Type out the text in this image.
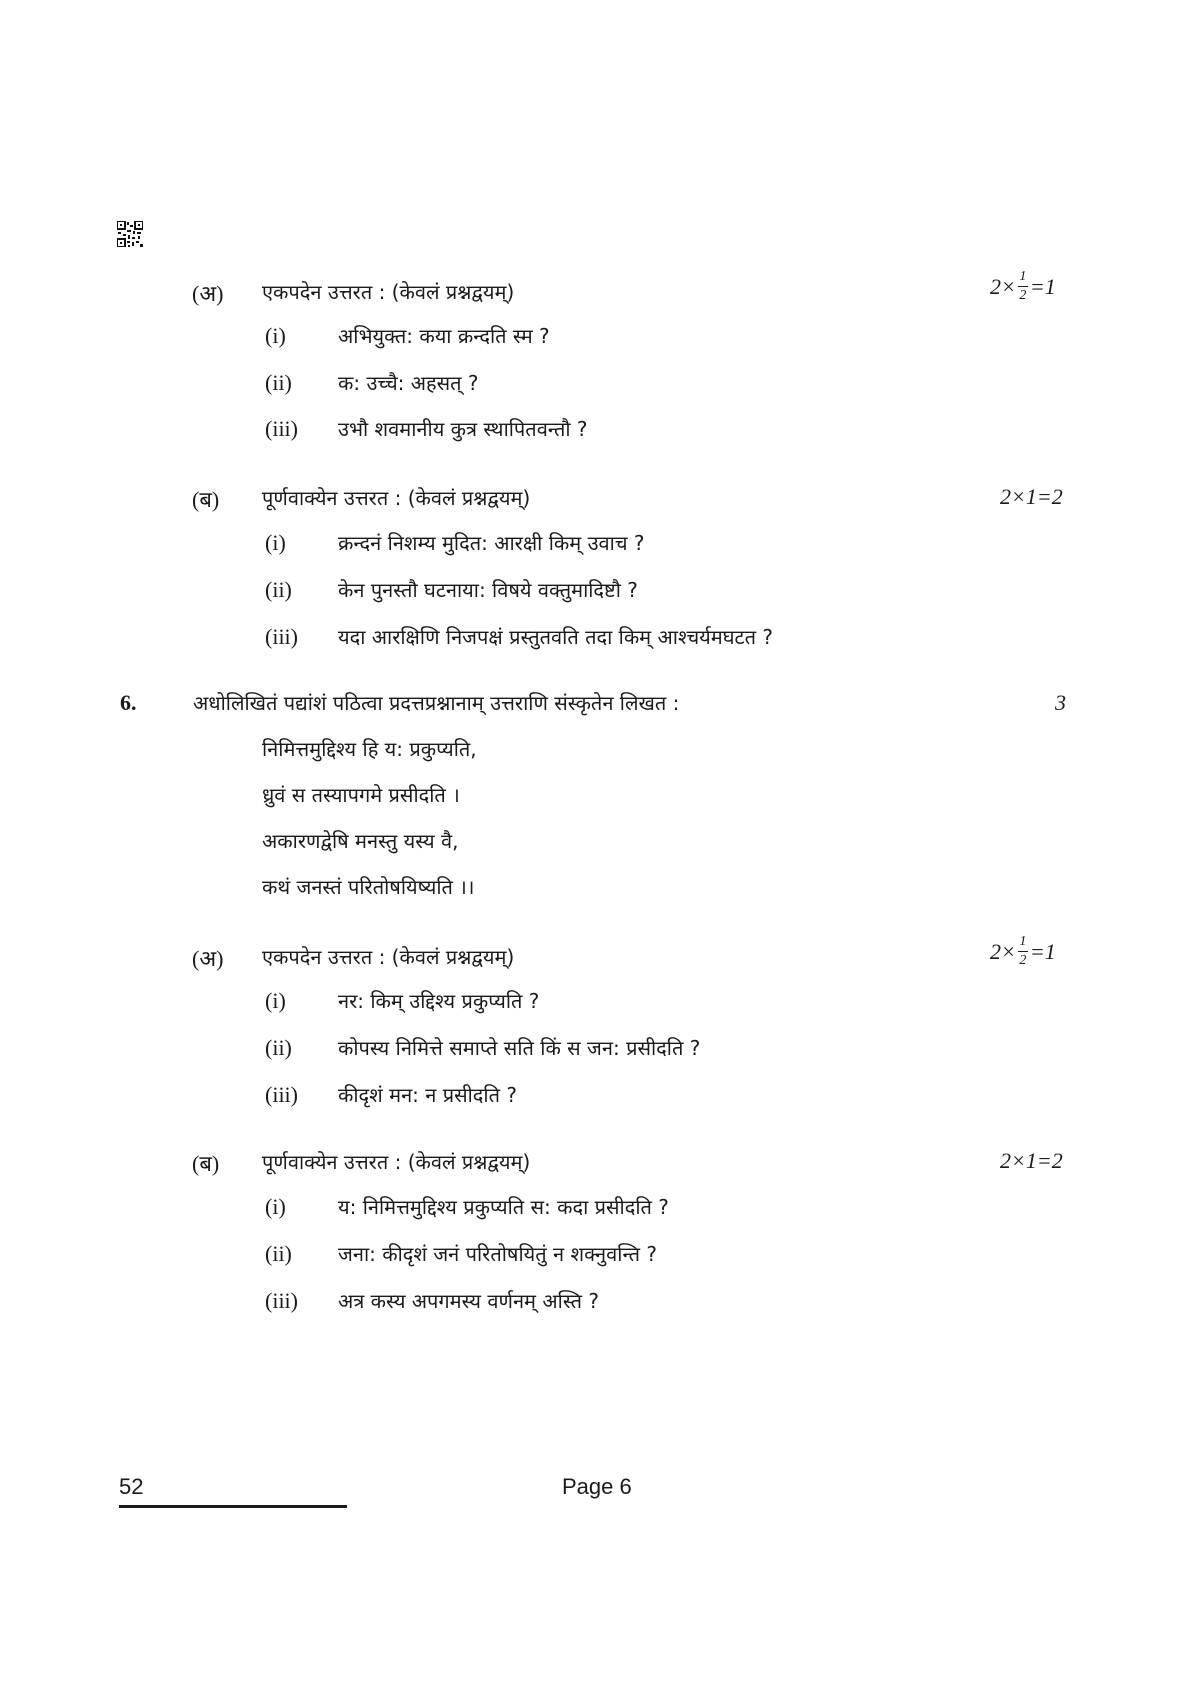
(अ) एकपदेन उत्तरत : (केवलं प्रश्नद्वयम्)	$2\times \frac{1}{2} =1$
(i)	अभियुक्त: कया क्रन्दति स्म ?
(ii) क: उच्चै: अहसत् ?
(iii) उभौ शवमानीय कुत्र स्थापितवन्तौ ?
(ब) पूर्णवाक्येन उत्तरत : (केवलं प्रश्नद्वयम्)	2×1=2
(i)	क्रन्दनं निशम्य मुदित: आरक्षी किम् उवाच ?
(ii) केन पुनस्तौ घटनाया: विषये वक्तुमादिष्टौ ?
(iii) यदा आरक्षिणि निजपक्षं प्रस्तुतवति तदा किम् आश्चर्यमघटत ?
6.	अधोलिखितं पद्यांशं पठित्वा प्रदत्तप्रश्नानाम् उत्तराणि संस्कृतेन लिखत :	3
निमित्तमुद्दिश्य हि य: प्रकुप्यति,
ध्रुवं स तस्यापगमे प्रसीदति ।
अकारणद्वेषि मनस्तु यस्य वै,
कथं जनस्तं परितोषयिष्यति ।।
(अ) एकपदेन उत्तरत : (केवलं प्रश्नद्वयम्)	$2\times \frac{1}{2} =1$
(i)	नर: किम् उद्दिश्य प्रकुप्यति ?
(ii) कोपस्य निमित्ते समाप्ते सति किं स जन: प्रसीदति ?
(iii) कीदृशं मन: न प्रसीदति ?
(ब) पूर्णवाक्येन उत्तरत : (केवलं प्रश्नद्वयम्)	2×1=2
(i)	य: निमित्तमुद्दिश्य प्रकुप्यति स: कदा प्रसीदति ?
(ii) जना: कीदृशं जनं परितोषयितुं न शक्नुवन्ति ?
(iii) अत्र कस्य अपगमस्य वर्णनम् अस्ति ?
52	Page 6
